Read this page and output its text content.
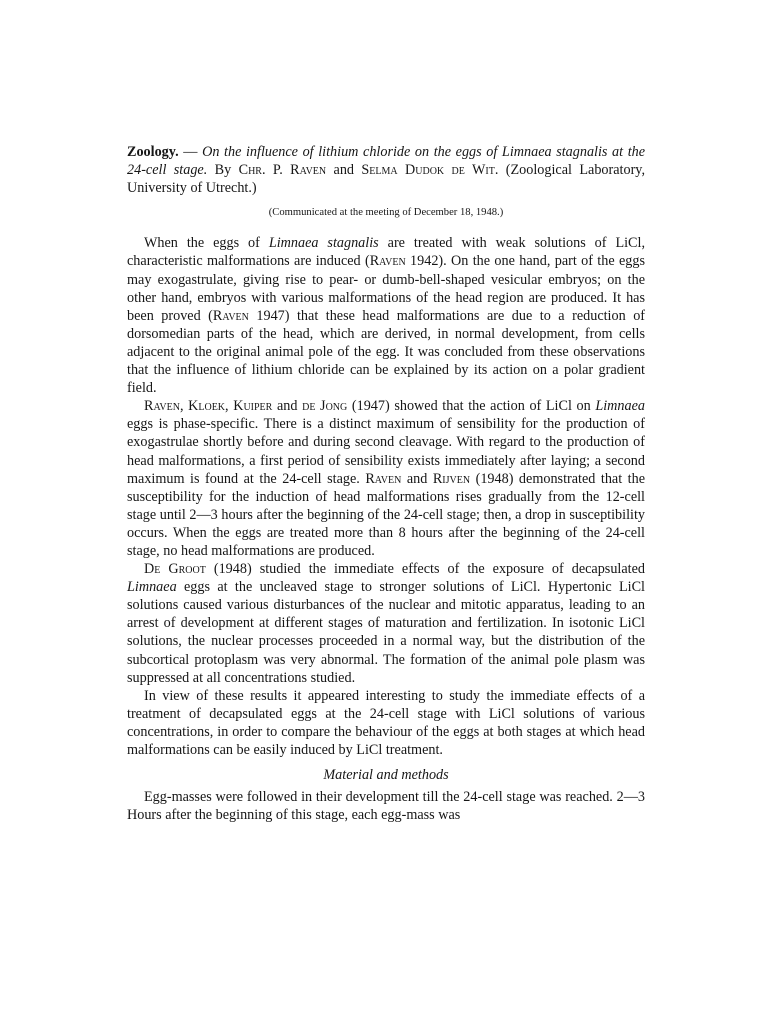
Zoology. — On the influence of lithium chloride on the eggs of Limnaea stagnalis at the 24-cell stage. By Chr. P. Raven and Selma Dudok de Wit. (Zoological Laboratory, University of Utrecht.)
(Communicated at the meeting of December 18, 1948.)

When the eggs of Limnaea stagnalis are treated with weak solutions of LiCl, characteristic malformations are induced (Raven 1942). On the one hand, part of the eggs may exogastrulate, giving rise to pear- or dumb-bell-shaped vesicular embryos; on the other hand, embryos with various malformations of the head region are produced. It has been proved (Raven 1947) that these head malformations are due to a reduction of dorsomedian parts of the head, which are derived, in normal development, from cells adjacent to the original animal pole of the egg. It was concluded from these observations that the influence of lithium chloride can be explained by its action on a polar gradient field.

Raven, Kloek, Kuiper and de Jong (1947) showed that the action of LiCl on Limnaea eggs is phase-specific. There is a distinct maximum of sensibility for the production of exogastrulae shortly before and during second cleavage. With regard to the production of head malformations, a first period of sensibility exists immediately after laying; a second maximum is found at the 24-cell stage. Raven and Rijven (1948) demonstrated that the susceptibility for the induction of head malformations rises gradually from the 12-cell stage until 2—3 hours after the beginning of the 24-cell stage; then, a drop in susceptibility occurs. When the eggs are treated more than 8 hours after the beginning of the 24-cell stage, no head malformations are produced.

De Groot (1948) studied the immediate effects of the exposure of decapsulated Limnaea eggs at the uncleaved stage to stronger solutions of LiCl. Hypertonic LiCl solutions caused various disturbances of the nuclear and mitotic apparatus, leading to an arrest of development at different stages of maturation and fertilization. In isotonic LiCl solutions, the nuclear processes proceeded in a normal way, but the distribution of the subcortical protoplasm was very abnormal. The formation of the animal pole plasm was suppressed at all concentrations studied.

In view of these results it appeared interesting to study the immediate effects of a treatment of decapsulated eggs at the 24-cell stage with LiCl solutions of various concentrations, in order to compare the behaviour of the eggs at both stages at which head malformations can be easily induced by LiCl treatment.

Material and methods

Egg-masses were followed in their development till the 24-cell stage was reached. 2—3 Hours after the beginning of this stage, each egg-mass was
